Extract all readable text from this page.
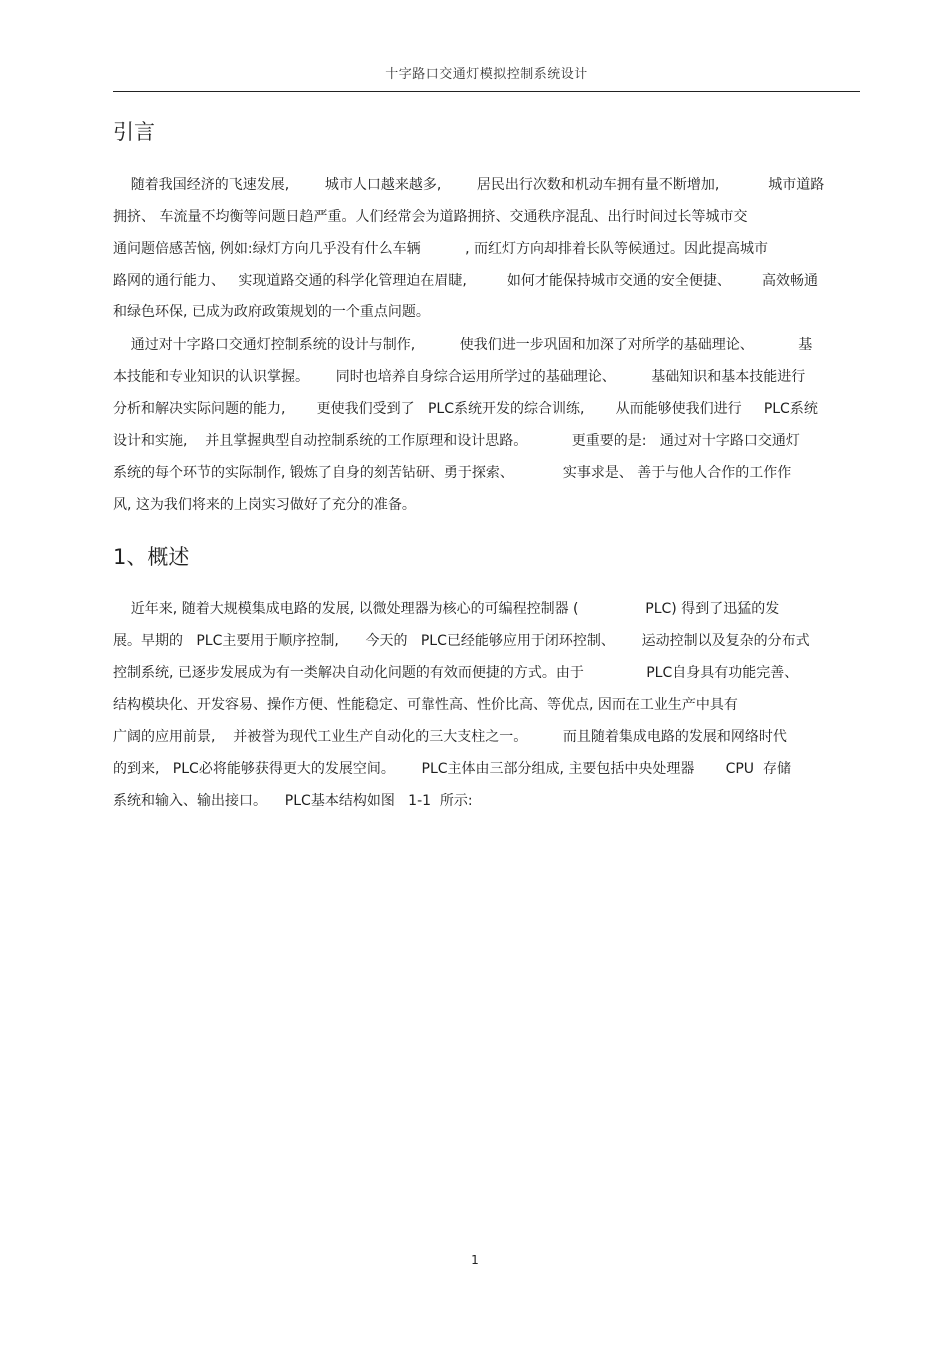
十字路口交通灯模拟控制系统设计
引言
随着我国经济的飞速发展,        城市人口越来越多,        居民出行次数和机动车拥有量不断增加,           城市道路
拥挤、 车流量不均衡等问题日趋严重。人们经常会为道路拥挤、交通秩序混乱、出行时间过长等城市交
通问题倍感苦恼, 例如:绿灯方向几乎没有什么车辆          , 而红灯方向却排着长队等候通过。因此提高城市
路网的通行能力、   实现道路交通的科学化管理迫在眉睫,         如何才能保持城市交通的安全便捷、       高效畅通
和绿色环保, 已成为政府政策规划的一个重点问题。
通过对十字路口交通灯控制系统的设计与制作,          使我们进一步巩固和加深了对所学的基础理论、          基
本技能和专业知识的认识掌握。      同时也培养自身综合运用所学过的基础理论、        基础知识和基本技能进行
分析和解决实际问题的能力,       更使我们受到了   PLC系统开发的综合训练,       从而能够使我们进行     PLC系统
设计和实施,    并且掌握典型自动控制系统的工作原理和设计思路。          更重要的是:   通过对十字路口交通灯
系统的每个环节的实际制作, 锻炼了自身的刻苦钻研、勇于探索、           实事求是、 善于与他人合作的工作作
风, 这为我们将来的上岗实习做好了充分的准备。
1、概述
近年来, 随着大规模集成电路的发展, 以微处理器为核心的可编程控制器 (               PLC) 得到了迅猛的发
展。早期的   PLC主要用于顺序控制,      今天的   PLC已经能够应用于闭环控制、      运动控制以及复杂的分布式
控制系统, 已逐步发展成为有一类解决自动化问题的有效而便捷的方式。由于              PLC自身具有功能完善、
结构模块化、开发容易、操作方便、性能稳定、可靠性高、性价比高、等优点, 因而在工业生产中具有
广阔的应用前景,    并被誉为现代工业生产自动化的三大支柱之一。        而且随着集成电路的发展和网络时代
的到来,   PLC必将能够获得更大的发展空间。      PLC主体由三部分组成, 主要包括中央处理器       CPU  存储
系统和输入、输出接口。    PLC基本结构如图   1-1  所示:
1
